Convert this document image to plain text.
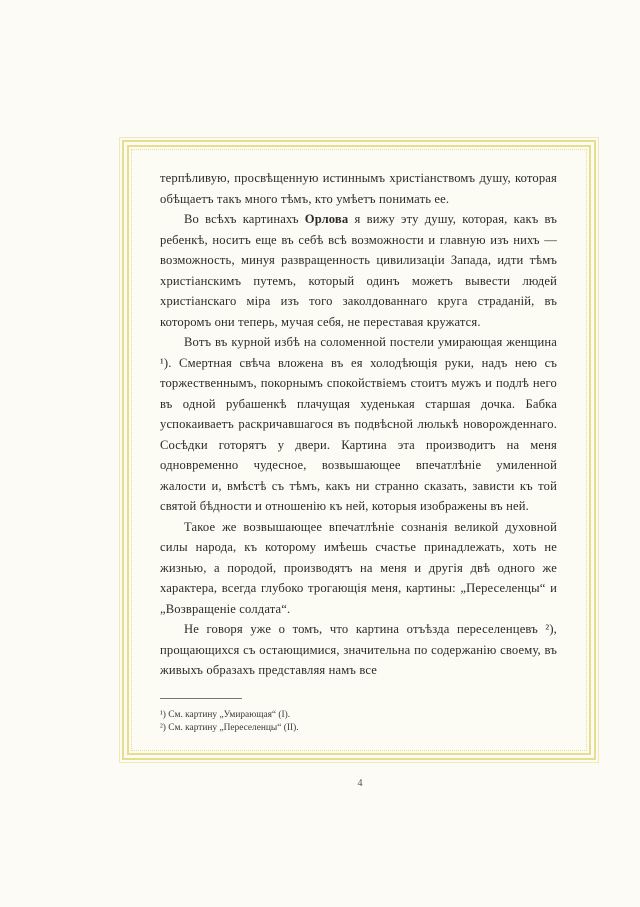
терпѣливую, просвѣщенную истиннымъ христіанствомъ душу, которая обѣщаетъ такъ много тѣмъ, кто умѣетъ понимать ее.

Во всѣхъ картинахъ Орлова я вижу эту душу, которая, какъ въ ребенкѣ, носитъ еще въ себѣ всѣ возможности и главную изъ нихъ — возможность, минуя развращенность цивилизаціи Запада, идти тѣмъ христіанскимъ путемъ, который одинъ можетъ вывести людей христіанскаго міра изъ того заколдованнаго круга страданій, въ которомъ они теперь, мучая себя, не переставая кружатся.

Вотъ въ курной избѣ на соломенной постели умирающая женщина ¹). Смертная свѣча вложена въ ея холодѣющія руки, надъ нею съ торжественнымъ, покорнымъ спокойствіемъ стоитъ мужъ и подлѣ него въ одной рубашенкѣ плачущая худенькая старшая дочка. Бабка успокаиваетъ раскричавшагося въ подвѣсной люлькѣ новорожденнаго. Сосѣдки готорятъ у двери. Картина эта производитъ на меня одновременно чудесное, возвышающее впечатлѣніе умиленной жалости и, вмѣстѣ съ тѣмъ, какъ ни странно сказать, зависти къ той святой бѣдности и отношенію къ ней, которыя изображены въ ней.

Такое же возвышающее впечатлѣніе сознанія великой духовной силы народа, къ которому имѣешь счастье принадлежать, хоть не жизнью, а породой, производятъ на меня и другія двѣ одного же характера, всегда глубоко трогающія меня, картины: „Переселенцы“ и „Возвращеніе солдата“.

Не говоря уже о томъ, что картина отъѣзда переселенцевъ ²), прощающихся съ остающимися, значительна по содержанію своему, въ живыхъ образахъ представляя намъ все

¹) См. картину „Умирающая“ (I).
²) См. картину „Переселенцы“ (II).
4
